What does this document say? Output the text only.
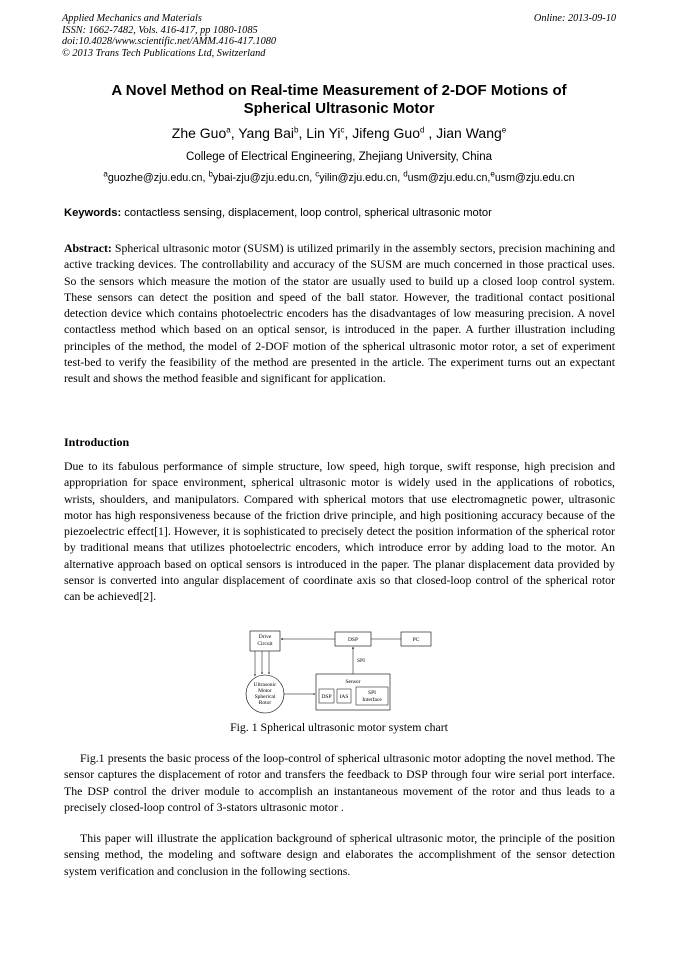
Applied Mechanics and Materials
ISSN: 1662-7482, Vols. 416-417, pp 1080-1085
doi:10.4028/www.scientific.net/AMM.416-417.1080
© 2013 Trans Tech Publications Ltd, Switzerland
Online: 2013-09-10
A Novel Method on Real-time Measurement of 2-DOF Motions of
Spherical Ultrasonic Motor
Zhe Guo$^a$, Yang Bai$^b$, Lin Yi$^c$, Jifeng Guo$^d$ , Jian Wang$^e$
College of Electrical Engineering, Zhejiang University, China
$^a$guozhe@zju.edu.cn, $^b$ybai-zju@zju.edu.cn, $^c$yilin@zju.edu.cn, $^d$usm@zju.edu.cn,$^e$usm@zju.edu.cn
Keywords: contactless sensing, displacement, loop control, spherical ultrasonic motor
Abstract: Spherical ultrasonic motor (SUSM) is utilized primarily in the assembly sectors, precision machining and active tracking devices. The controllability and accuracy of the SUSM are much concerned in those practical uses. So the sensors which measure the motion of the stator are usually used to build up a closed loop control system. These sensors can detect the position and speed of the ball stator. However, the traditional contact positional detection device which contains photoelectric encoders has the disadvantages of low measuring precision. A novel contactless method which based on an optical sensor, is introduced in the paper. A further illustration including principles of the method, the model of 2-DOF motion of the spherical ultrasonic motor rotor, a set of experiment test-bed to verify the feasibility of the method are presented in the article. The experiment turns out an expectant result and shows the method feasible and significant for application.
Introduction
Due to its fabulous performance of simple structure, low speed, high torque, swift response, high precision and appropriation for space environment, spherical ultrasonic motor is widely used in the applications of robotics, wrists, shoulders, and manipulators. Compared with spherical motors that use electromagnetic power, ultrasonic motor has high responsiveness because of the friction drive principle, and high positioning accuracy because of the piezoelectric effect[1]. However, it is sophisticated to precisely detect the position information of the spherical rotor by traditional means that utilizes photoelectric encoders, which introduce error by adding load to the motor. An alternative approach based on optical sensors is introduced in the paper. The planar displacement data provided by sensor is converted into angular displacement of coordinate axis so that closed-loop control of the spherical rotor can be achieved[2].
Drive
Circuit
DSP	PC
SPI
Ultrasonic
Motor
Spherical
Rotor
Sensor
DSP IAS
SPI
Interface
Fig. 1 Spherical ultrasonic motor system chart
Fig.1 presents the basic process of the loop-control of spherical ultrasonic motor adopting the novel method. The sensor captures the displacement of rotor and transfers the feedback to DSP through four wire serial port interface. The DSP control the driver module to accomplish an instantaneous movement of the rotor and thus leads to a precisely closed-loop control of 3-stators ultrasonic motor .
This paper will illustrate the application background of spherical ultrasonic motor, the principle of the position sensing method, the modeling and software design and elaborates the accomplishment of the sensor detection system verification and conclusion in the following sections.
